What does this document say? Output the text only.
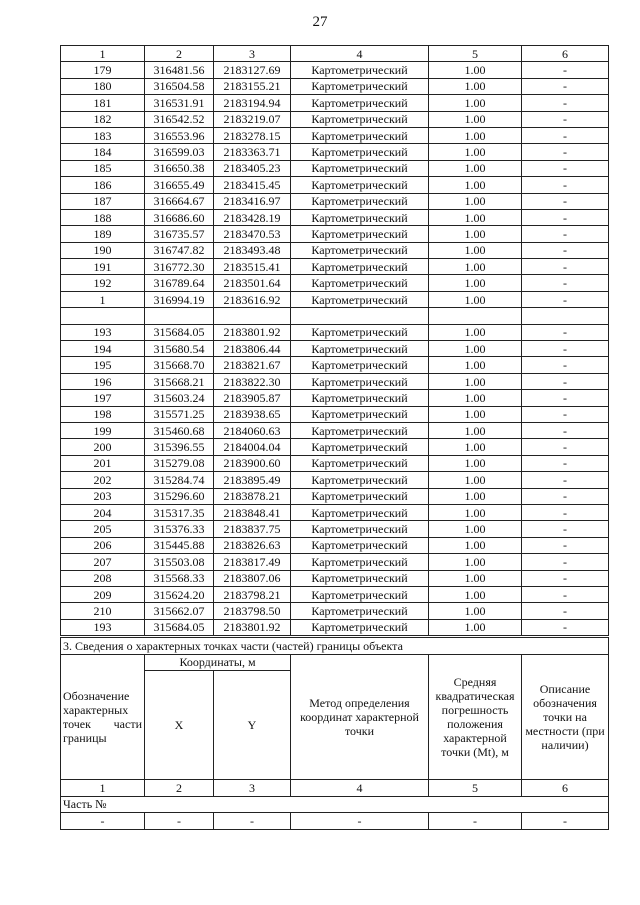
27
1	2	3	4	5	6
179	316481.56	2183127.69	Картометрический	1.00	-
180	316504.58	2183155.21	Картометрический	1.00	-
181	316531.91	2183194.94	Картометрический	1.00	-
182	316542.52	2183219.07	Картометрический	1.00	-
183	316553.96	2183278.15	Картометрический	1.00	-
184	316599.03	2183363.71	Картометрический	1.00	-
185	316650.38	2183405.23	Картометрический	1.00	-
186	316655.49	2183415.45	Картометрический	1.00	-
187	316664.67	2183416.97	Картометрический	1.00	-
188	316686.60	2183428.19	Картометрический	1.00	-
189	316735.57	2183470.53	Картометрический	1.00	-
190	316747.82	2183493.48	Картометрический	1.00	-
191	316772.30	2183515.41	Картометрический	1.00	-
192	316789.64	2183501.64	Картометрический	1.00	-
1	316994.19	2183616.92	Картометрический	1.00	-

193	315684.05	2183801.92	Картометрический	1.00	-
194	315680.54	2183806.44	Картометрический	1.00	-
195	315668.70	2183821.67	Картометрический	1.00	-
196	315668.21	2183822.30	Картометрический	1.00	-
197	315603.24	2183905.87	Картометрический	1.00	-
198	315571.25	2183938.65	Картометрический	1.00	-
199	315460.68	2184060.63	Картометрический	1.00	-
200	315396.55	2184004.04	Картометрический	1.00	-
201	315279.08	2183900.60	Картометрический	1.00	-
202	315284.74	2183895.49	Картометрический	1.00	-
203	315296.60	2183878.21	Картометрический	1.00	-
204	315317.35	2183848.41	Картометрический	1.00	-
205	315376.33	2183837.75	Картометрический	1.00	-
206	315445.88	2183826.63	Картометрический	1.00	-
207	315503.08	2183817.49	Картометрический	1.00	-
208	315568.33	2183807.06	Картометрический	1.00	-
209	315624.20	2183798.21	Картометрический	1.00	-
210	315662.07	2183798.50	Картометрический	1.00	-
193	315684.05	2183801.92	Картометрический	1.00	-
3. Сведения о характерных точках части (частей) границы объекта					
Обозначение характерных точек части границы	Координаты, м		Метод определения координат характерной точки	Средняя квадратическая погрешность положения характерной точки (Mt), м	Описание обозначения точки на местности (при наличии)
	X	Y			
1	2	3	4	5	6
Часть №					
-	-	-	-	-	-
